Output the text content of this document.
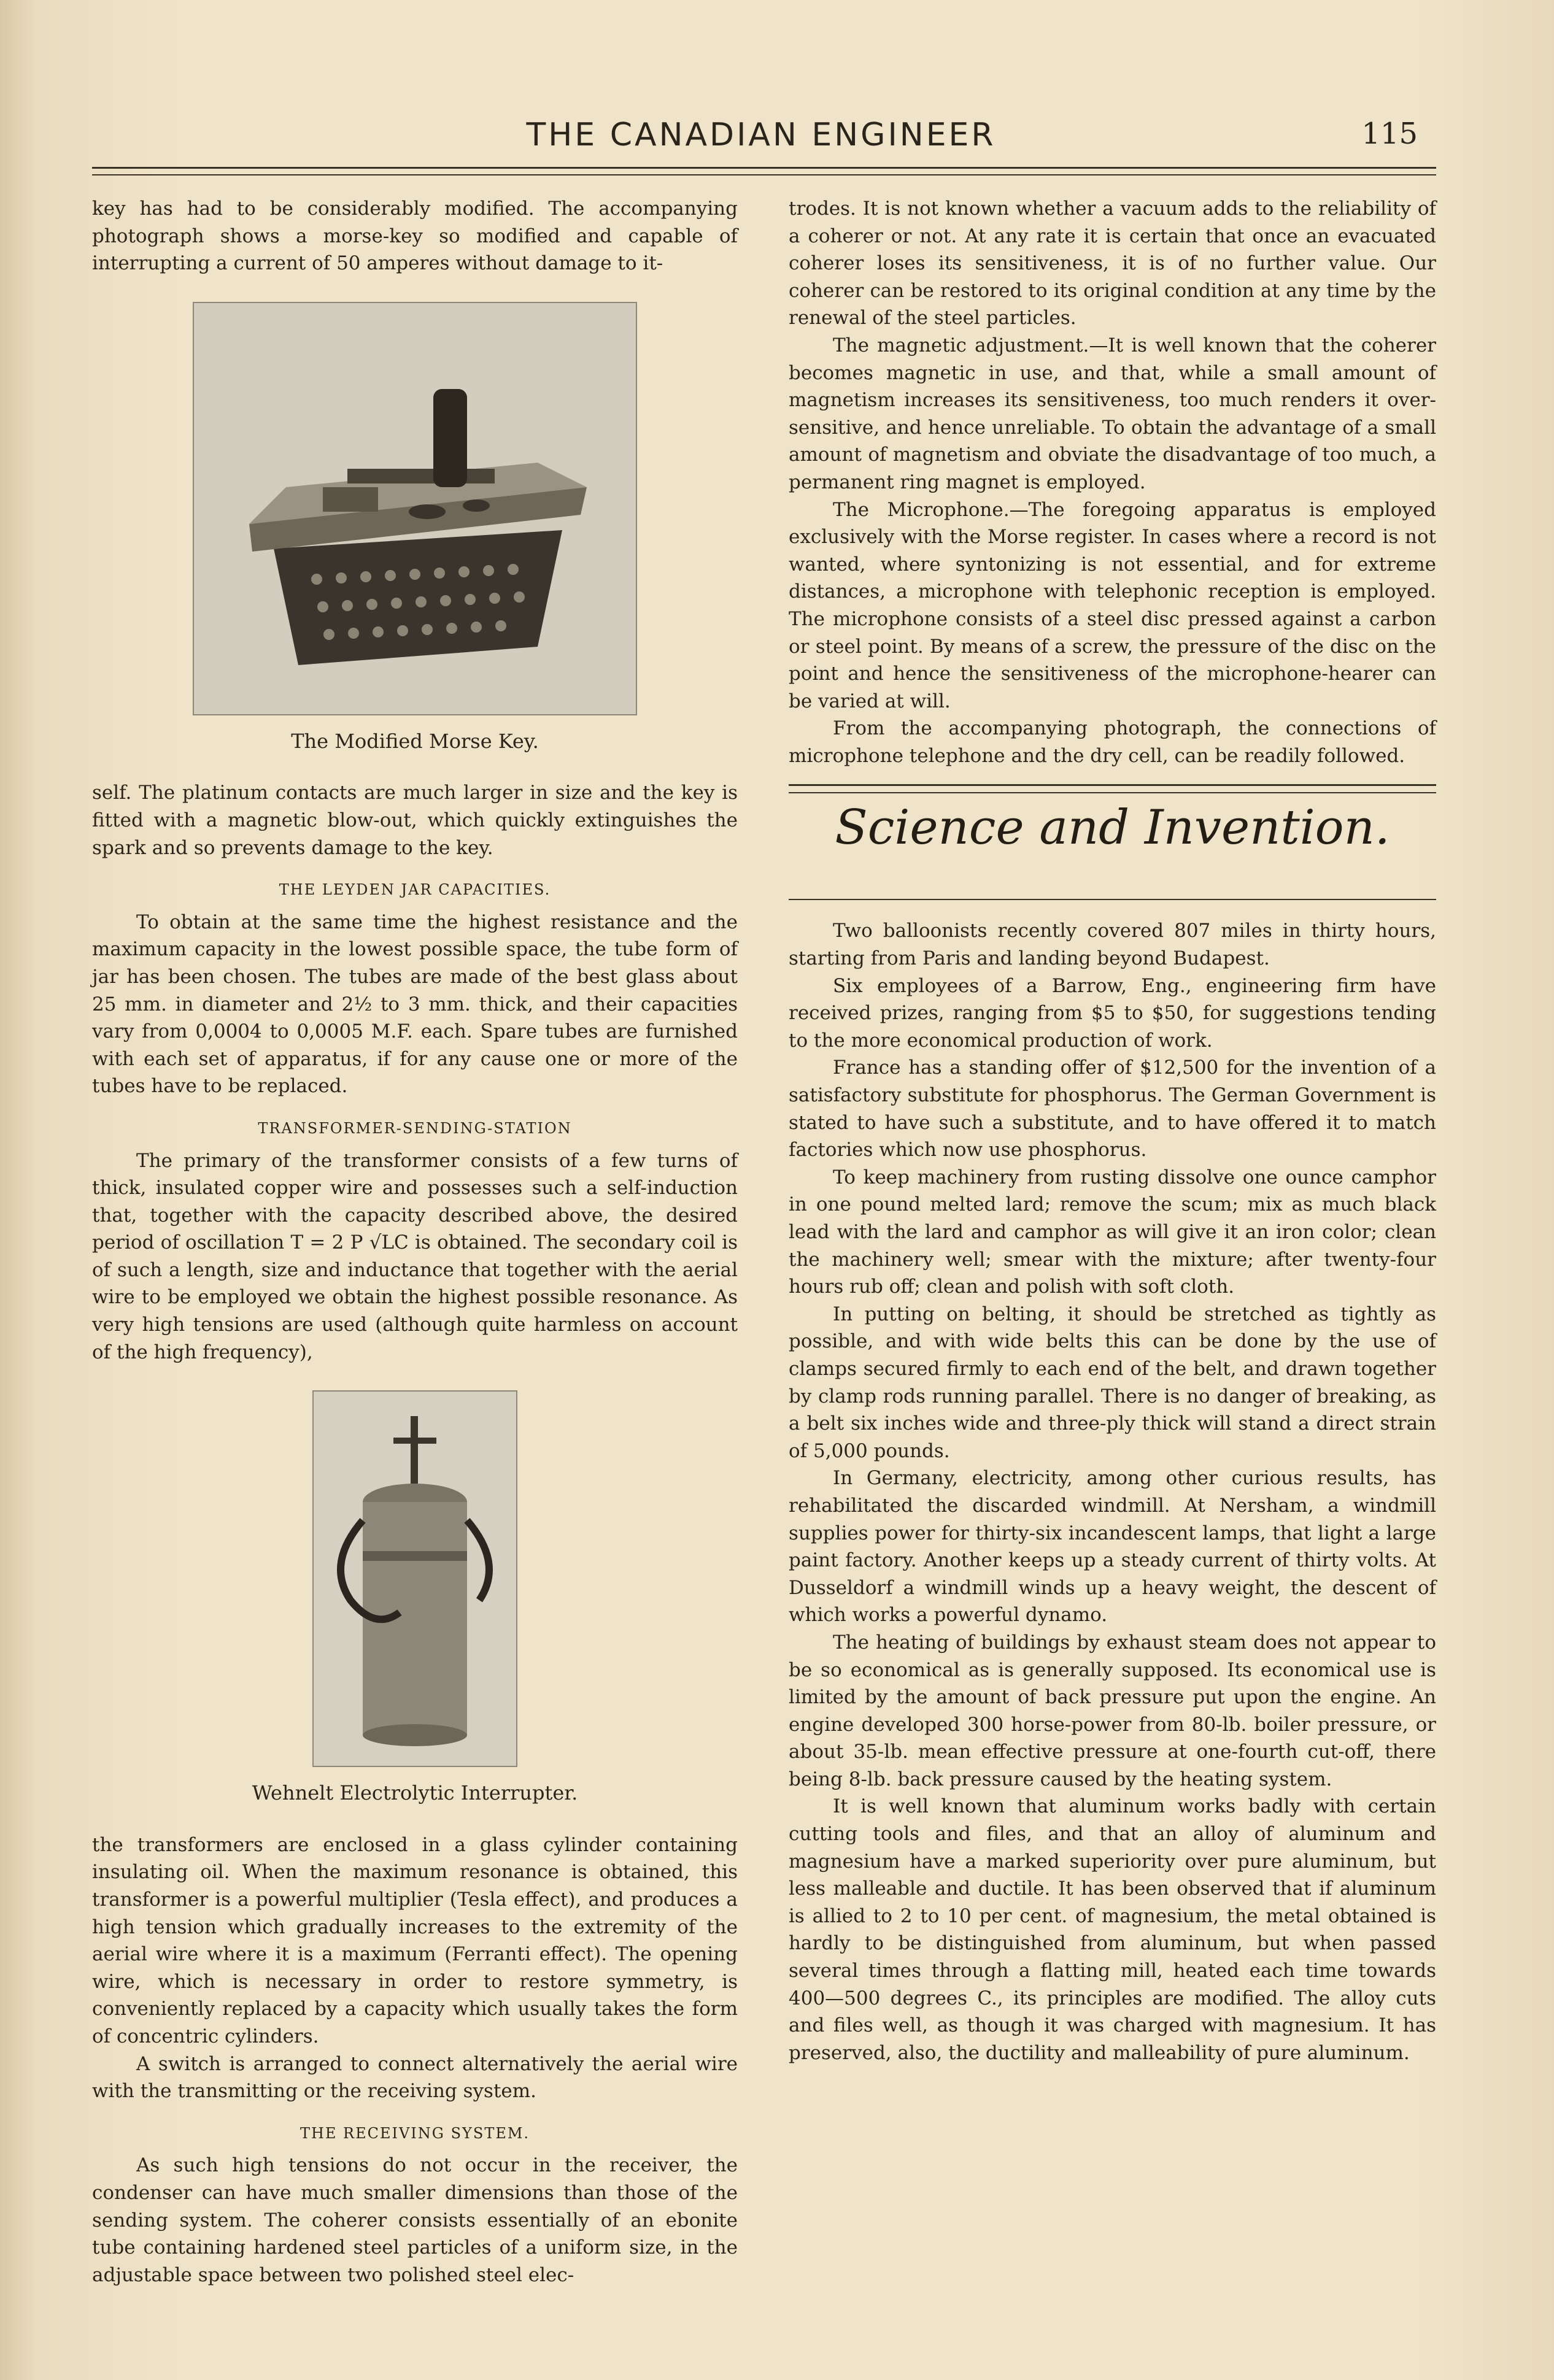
THE CANADIAN ENGINEER	115

key has had to be considerably modified. The accompanying photograph shows a morse-key so modified and capable of interrupting a current of 50 amperes without damage to it-

The Modified Morse Key.

self. The platinum contacts are much larger in size and the key is fitted with a magnetic blow-out, which quickly extinguishes the spark and so prevents damage to the key.

THE LEYDEN JAR CAPACITIES.

To obtain at the same time the highest resistance and the maximum capacity in the lowest possible space, the tube form of jar has been chosen. The tubes are made of the best glass about 25 mm. in diameter and 2½ to 3 mm. thick, and their capacities vary from 0,0004 to 0,0005 M.F. each. Spare tubes are furnished with each set of apparatus, if for any cause one or more of the tubes have to be replaced.

TRANSFORMER-SENDING-STATION

The primary of the transformer consists of a few turns of thick, insulated copper wire and possesses such a self-induction that, together with the capacity described above, the desired period of oscillation T = 2 P √LC is obtained. The secondary coil is of such a length, size and inductance that together with the aerial wire to be employed we obtain the highest possible resonance. As very high tensions are used (although quite harmless on account of the high frequency),

Wehnelt Electrolytic Interrupter.

the transformers are enclosed in a glass cylinder containing insulating oil. When the maximum resonance is obtained, this transformer is a powerful multiplier (Tesla effect), and produces a high tension which gradually increases to the extremity of the aerial wire where it is a maximum (Ferranti effect). The opening wire, which is necessary in order to restore symmetry, is conveniently replaced by a capacity which usually takes the form of concentric cylinders.

A switch is arranged to connect alternatively the aerial wire with the transmitting or the receiving system.

THE RECEIVING SYSTEM.

As such high tensions do not occur in the receiver, the condenser can have much smaller dimensions than those of the sending system. The coherer consists essentially of an ebonite tube containing hardened steel particles of a uniform size, in the adjustable space between two polished steel elec-

trodes. It is not known whether a vacuum adds to the reliability of a coherer or not. At any rate it is certain that once an evacuated coherer loses its sensitiveness, it is of no further value. Our coherer can be restored to its original condition at any time by the renewal of the steel particles.

The magnetic adjustment.—It is well known that the coherer becomes magnetic in use, and that, while a small amount of magnetism increases its sensitiveness, too much renders it over-sensitive, and hence unreliable. To obtain the advantage of a small amount of magnetism and obviate the disadvantage of too much, a permanent ring magnet is employed.

The Microphone.—The foregoing apparatus is employed exclusively with the Morse register. In cases where a record is not wanted, where syntonizing is not essential, and for extreme distances, a microphone with telephonic reception is employed. The microphone consists of a steel disc pressed against a carbon or steel point. By means of a screw, the pressure of the disc on the point and hence the sensitiveness of the microphone-hearer can be varied at will.

From the accompanying photograph, the connections of microphone telephone and the dry cell, can be readily followed.

Science and Invention.

Two balloonists recently covered 807 miles in thirty hours, starting from Paris and landing beyond Budapest.

Six employees of a Barrow, Eng., engineering firm have received prizes, ranging from $5 to $50, for suggestions tending to the more economical production of work.

France has a standing offer of $12,500 for the invention of a satisfactory substitute for phosphorus. The German Government is stated to have such a substitute, and to have offered it to match factories which now use phosphorus.

To keep machinery from rusting dissolve one ounce camphor in one pound melted lard; remove the scum; mix as much black lead with the lard and camphor as will give it an iron color; clean the machinery well; smear with the mixture; after twenty-four hours rub off; clean and polish with soft cloth.

In putting on belting, it should be stretched as tightly as possible, and with wide belts this can be done by the use of clamps secured firmly to each end of the belt, and drawn together by clamp rods running parallel. There is no danger of breaking, as a belt six inches wide and three-ply thick will stand a direct strain of 5,000 pounds.

In Germany, electricity, among other curious results, has rehabilitated the discarded windmill. At Nersham, a windmill supplies power for thirty-six incandescent lamps, that light a large paint factory. Another keeps up a steady current of thirty volts. At Dusseldorf a windmill winds up a heavy weight, the descent of which works a powerful dynamo.

The heating of buildings by exhaust steam does not appear to be so economical as is generally supposed. Its economical use is limited by the amount of back pressure put upon the engine. An engine developed 300 horse-power from 80-lb. boiler pressure, or about 35-lb. mean effective pressure at one-fourth cut-off, there being 8-lb. back pressure caused by the heating system.

It is well known that aluminum works badly with certain cutting tools and files, and that an alloy of aluminum and magnesium have a marked superiority over pure aluminum, but less malleable and ductile. It has been observed that if aluminum is allied to 2 to 10 per cent. of magnesium, the metal obtained is hardly to be distinguished from aluminum, but when passed several times through a flatting mill, heated each time towards 400—500 degrees C., its principles are modified. The alloy cuts and files well, as though it was charged with magnesium. It has preserved, also, the ductility and malleability of pure aluminum.
